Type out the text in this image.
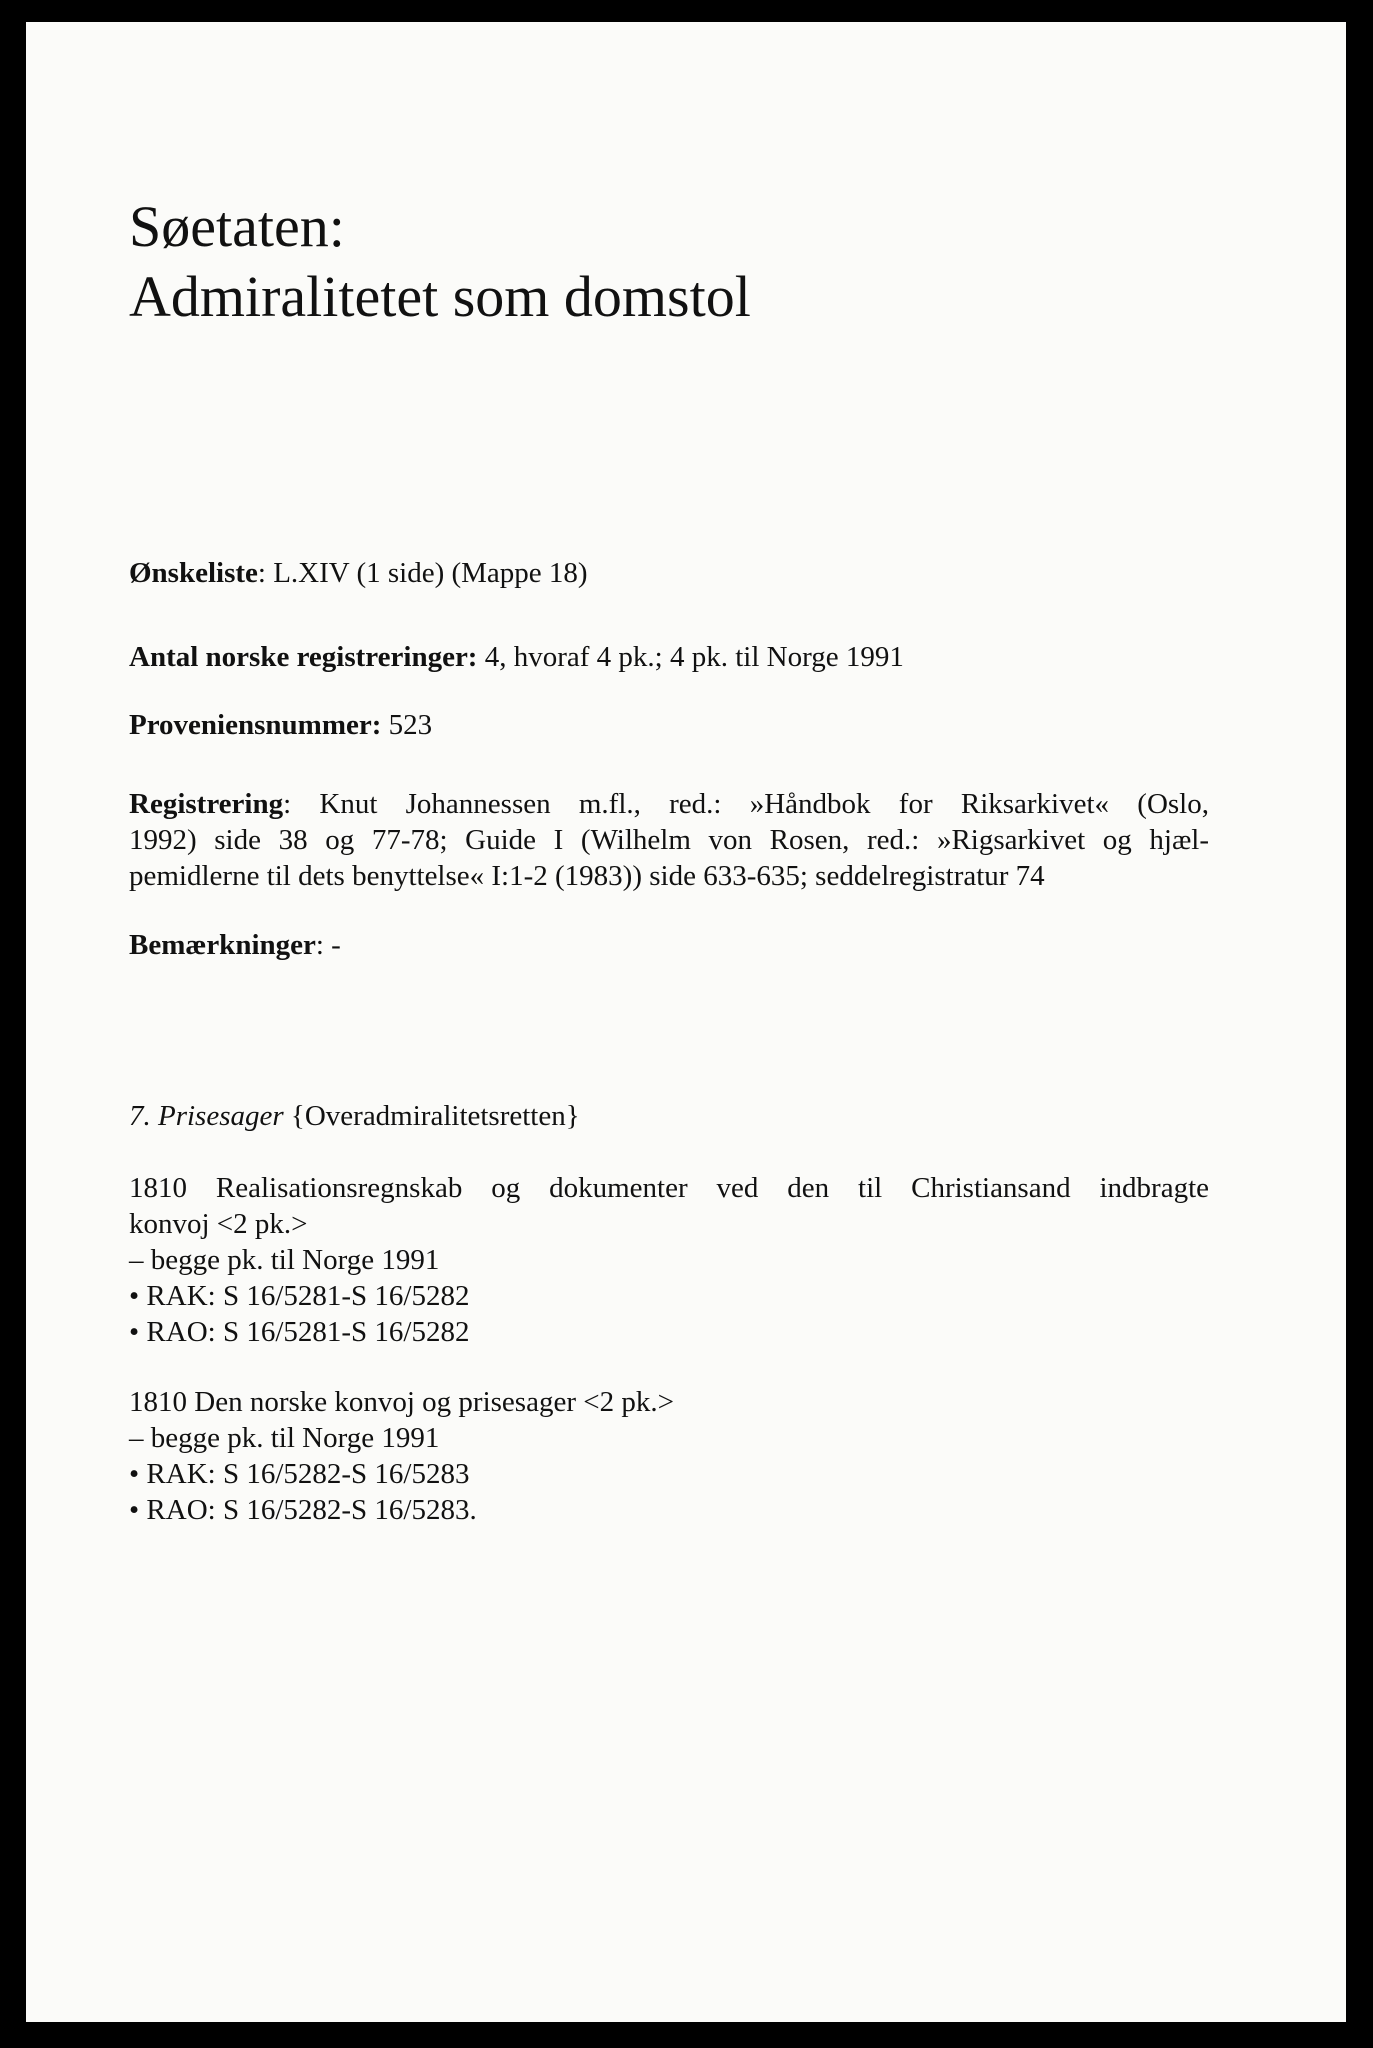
Søetaten:
Admiralitetet som domstol

Ønskeliste: L.XIV (1 side) (Mappe 18)

Antal norske registreringer: 4, hvoraf 4 pk.; 4 pk. til Norge 1991

Proveniensnummer: 523

Registrering: Knut Johannessen m.fl., red.: »Håndbok for Riksarkivet« (Oslo,
1992) side 38 og 77-78; Guide I (Wilhelm von Rosen, red.: »Rigsarkivet og hjæl-
pemidlerne til dets benyttelse« I:1-2 (1983)) side 633-635; seddelregistratur 74

Bemærkninger: -

7. Prisesager {Overadmiralitetsretten}

1810 Realisationsregnskab og dokumenter ved den til Christiansand indbragte
konvoj <2 pk.>
– begge pk. til Norge 1991
• RAK: S 16/5281-S 16/5282
• RAO: S 16/5281-S 16/5282
1810 Den norske konvoj og prisesager <2 pk.>
– begge pk. til Norge 1991
• RAK: S 16/5282-S 16/5283
• RAO: S 16/5282-S 16/5283.
